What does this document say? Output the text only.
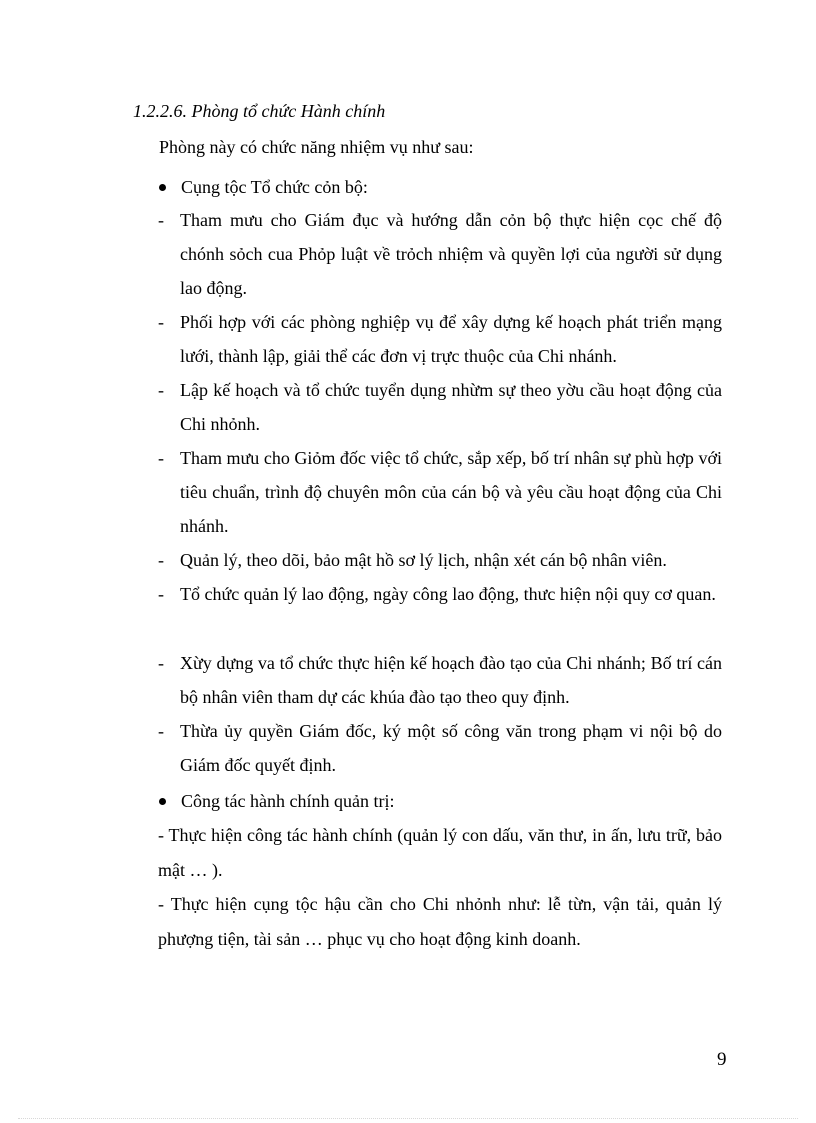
1.2.2.6. Phòng tổ chức Hành chính
Phòng này có chức năng nhiệm vụ như sau:
Cụng tộc Tổ chức cỏn bộ:
- Tham mưu cho Giám đục và hướng dẫn cỏn bộ thực hiện cọc chế độ chónh sỏch cua Phỏp luật về trỏch nhiệm và quyền lợi của người sử dụng lao động.
- Phối hợp với các phòng nghiệp vụ để xây dựng kế hoạch phát triển mạng lưới, thành lập, giải thể các đơn vị trực thuộc của Chi nhánh.
- Lập kế hoạch và tổ chức tuyển dụng nhừm sự theo yờu cầu hoạt động của Chi nhỏnh.
- Tham mưu cho Giỏm đốc việc tổ chức, sắp xếp, bố trí nhân sự phù hợp với tiêu chuẩn, trình độ chuyên môn của cán bộ và yêu cầu hoạt động của Chi nhánh.
- Quản lý, theo dõi, bảo mật hồ sơ lý lịch, nhận xét cán bộ nhân viên.
- Tổ chức quản lý lao động, ngày công lao động, thưc hiện nội quy cơ quan.
- Xừy dựng va tổ chức thực hiện kế hoạch đào tạo của Chi nhánh; Bố trí cán bộ nhân viên tham dự các khúa đào tạo theo quy định.
- Thừa ủy quyền Giám đốc, ký một số công văn trong phạm vi nội bộ do Giám đốc quyết định.
Công tác hành chính quản trị:
- Thực hiện công tác hành chính (quản lý con dấu, văn thư, in ấn, lưu trữ, bảo mật … ).
- Thực hiện cụng tộc hậu cần cho Chi nhỏnh như: lễ từn, vận tải, quản lý phượng tiện, tài sản … phục vụ cho hoạt động kinh doanh.
9
